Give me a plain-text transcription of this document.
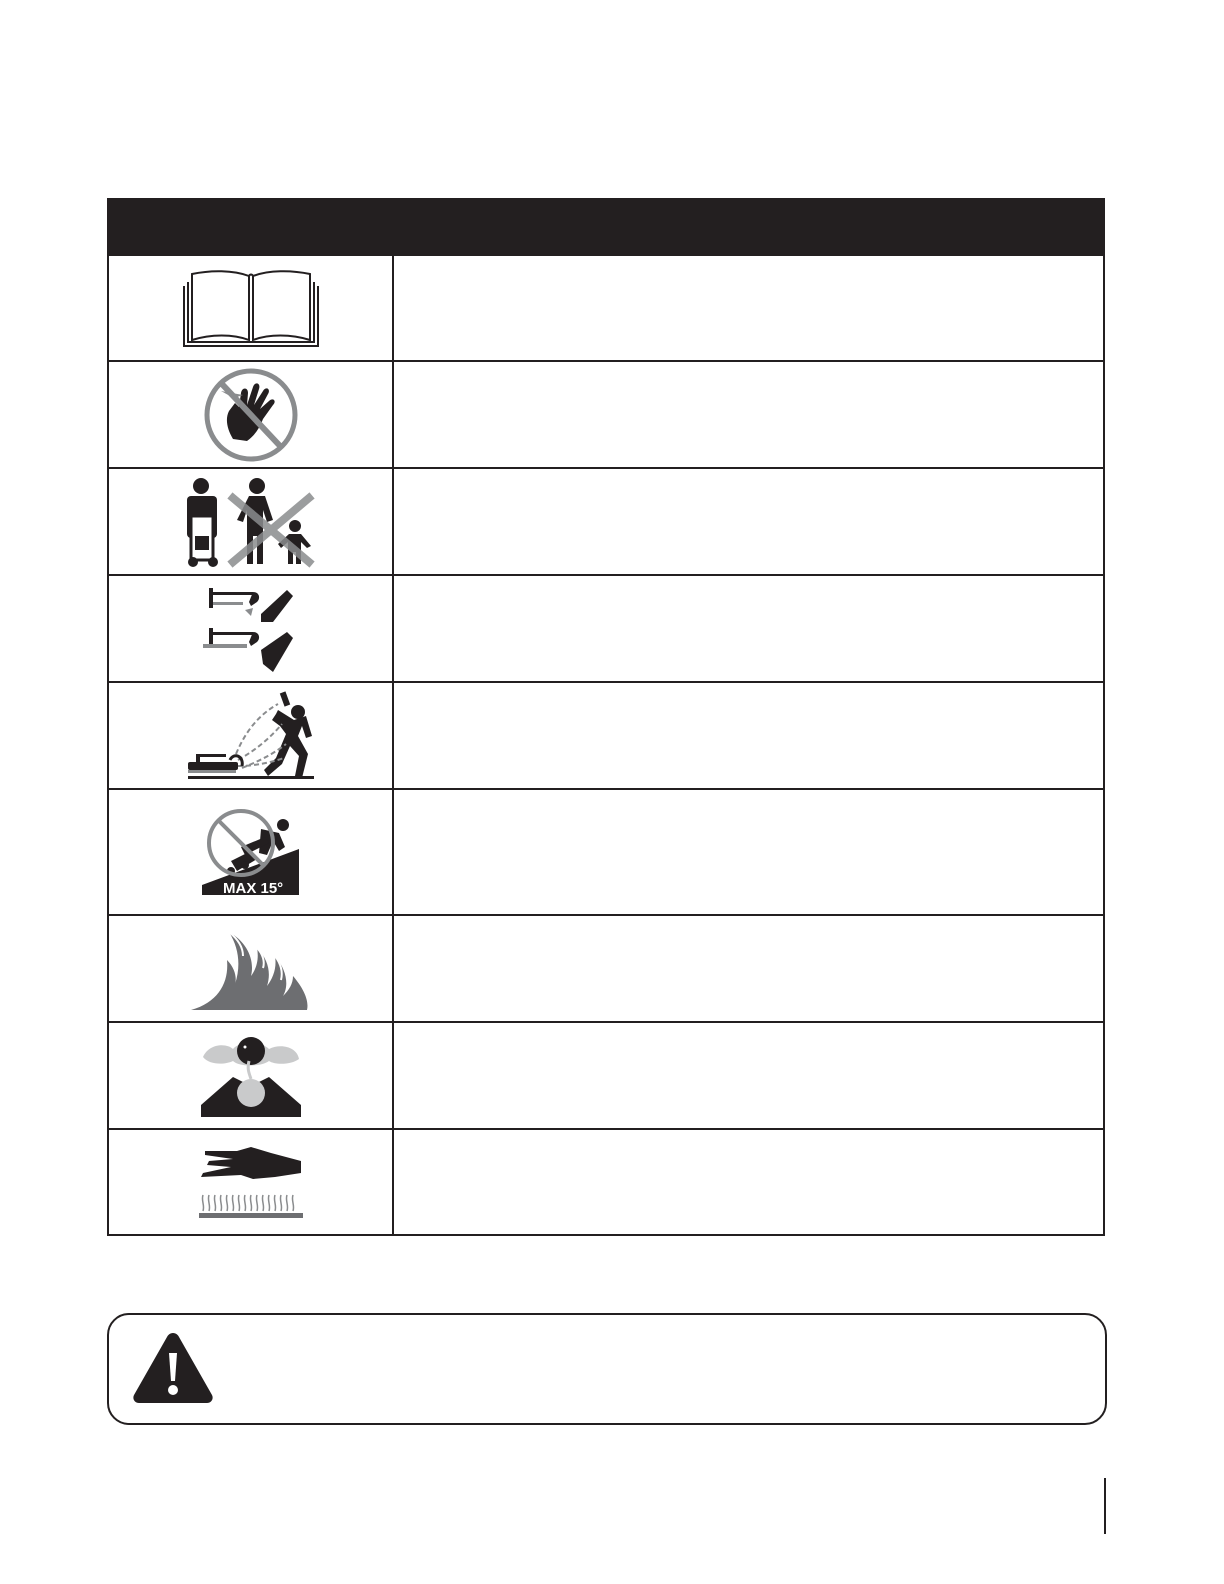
MAX 15°
